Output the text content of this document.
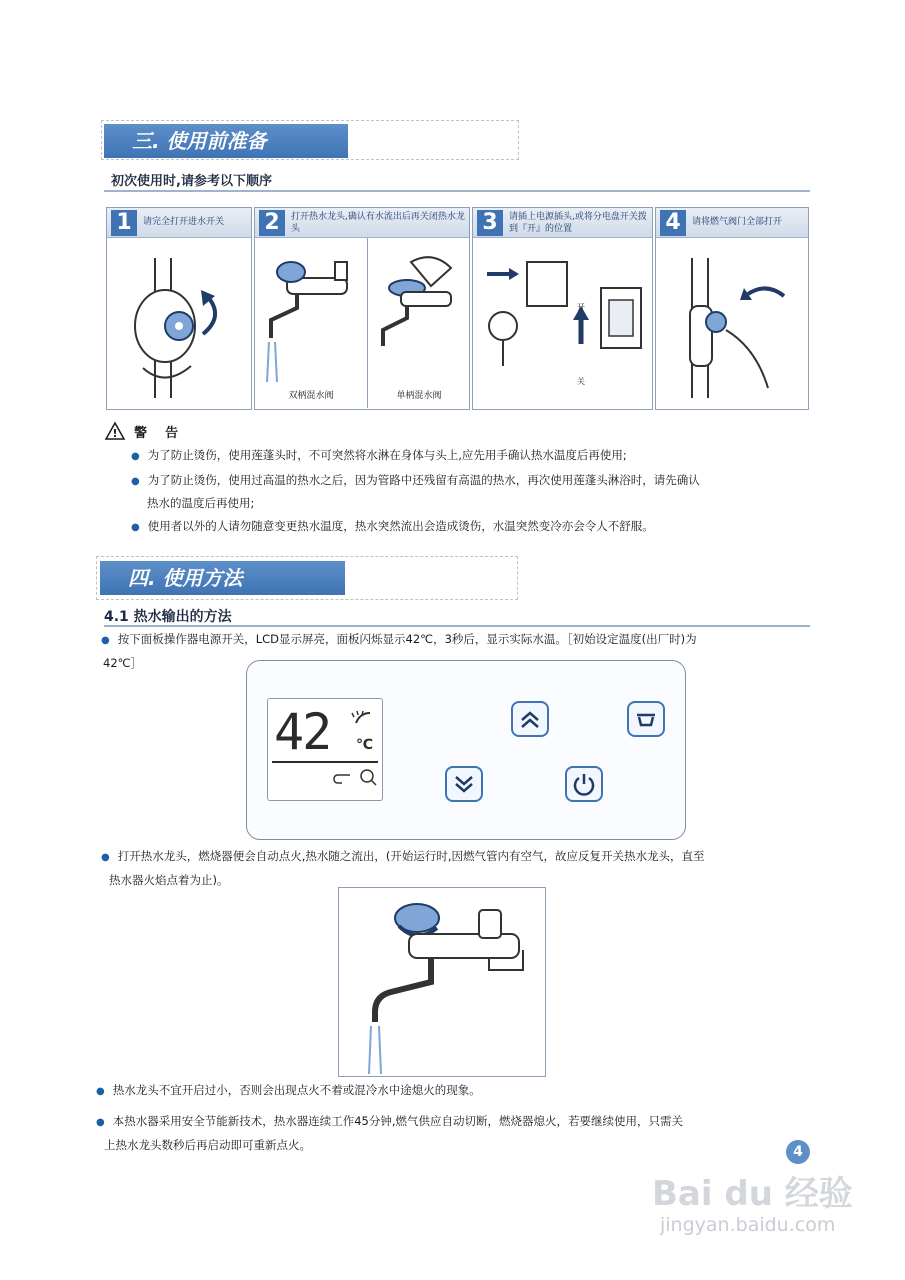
三. 使用前准备
初次使用时,请参考以下顺序
1	请完全打开进水开关	2	打开热水龙头,确认有水流出后再关闭热水龙头
双柄混水阀	单柄混水阀
3	请插上电源插头,或将分电盘开关拨到『开』的位置
开
关
4	请将燃气阀门全部打开
! 警    告
● 为了防止烫伤，使用莲蓬头时，不可突然将水淋在身体与头上,应先用手确认热水温度后再使用;
● 为了防止烫伤，使用过高温的热水之后，因为管路中还残留有高温的热水，再次使用莲蓬头淋浴时，请先确认
热水的温度后再使用;
● 使用者以外的人请勿随意变更热水温度，热水突然流出会造成烫伤，水温突然变冷亦会令人不舒服。
四. 使用方法
4.1 热水输出的方法
● 按下面板操作器电源开关，LCD显示屏亮，面板闪烁显示42℃，3秒后，显示实际水温。［初始设定温度(出厂时)为
42℃］
42 ℃
● 打开热水龙头，燃烧器便会自动点火,热水随之流出，(开始运行时,因燃气管内有空气，故应反复开关热水龙头，直至
热水器火焰点着为止)。
● 热水龙头不宜开启过小，否则会出现点火不着或混冷水中途熄火的现象。
● 本热水器采用安全节能新技术，热水器连续工作45分钟,燃气供应自动切断，燃烧器熄火，若要继续使用，只需关
上热水龙头数秒后再启动即可重新点火。	4
Bai du 经验
jingyan.baidu.com
